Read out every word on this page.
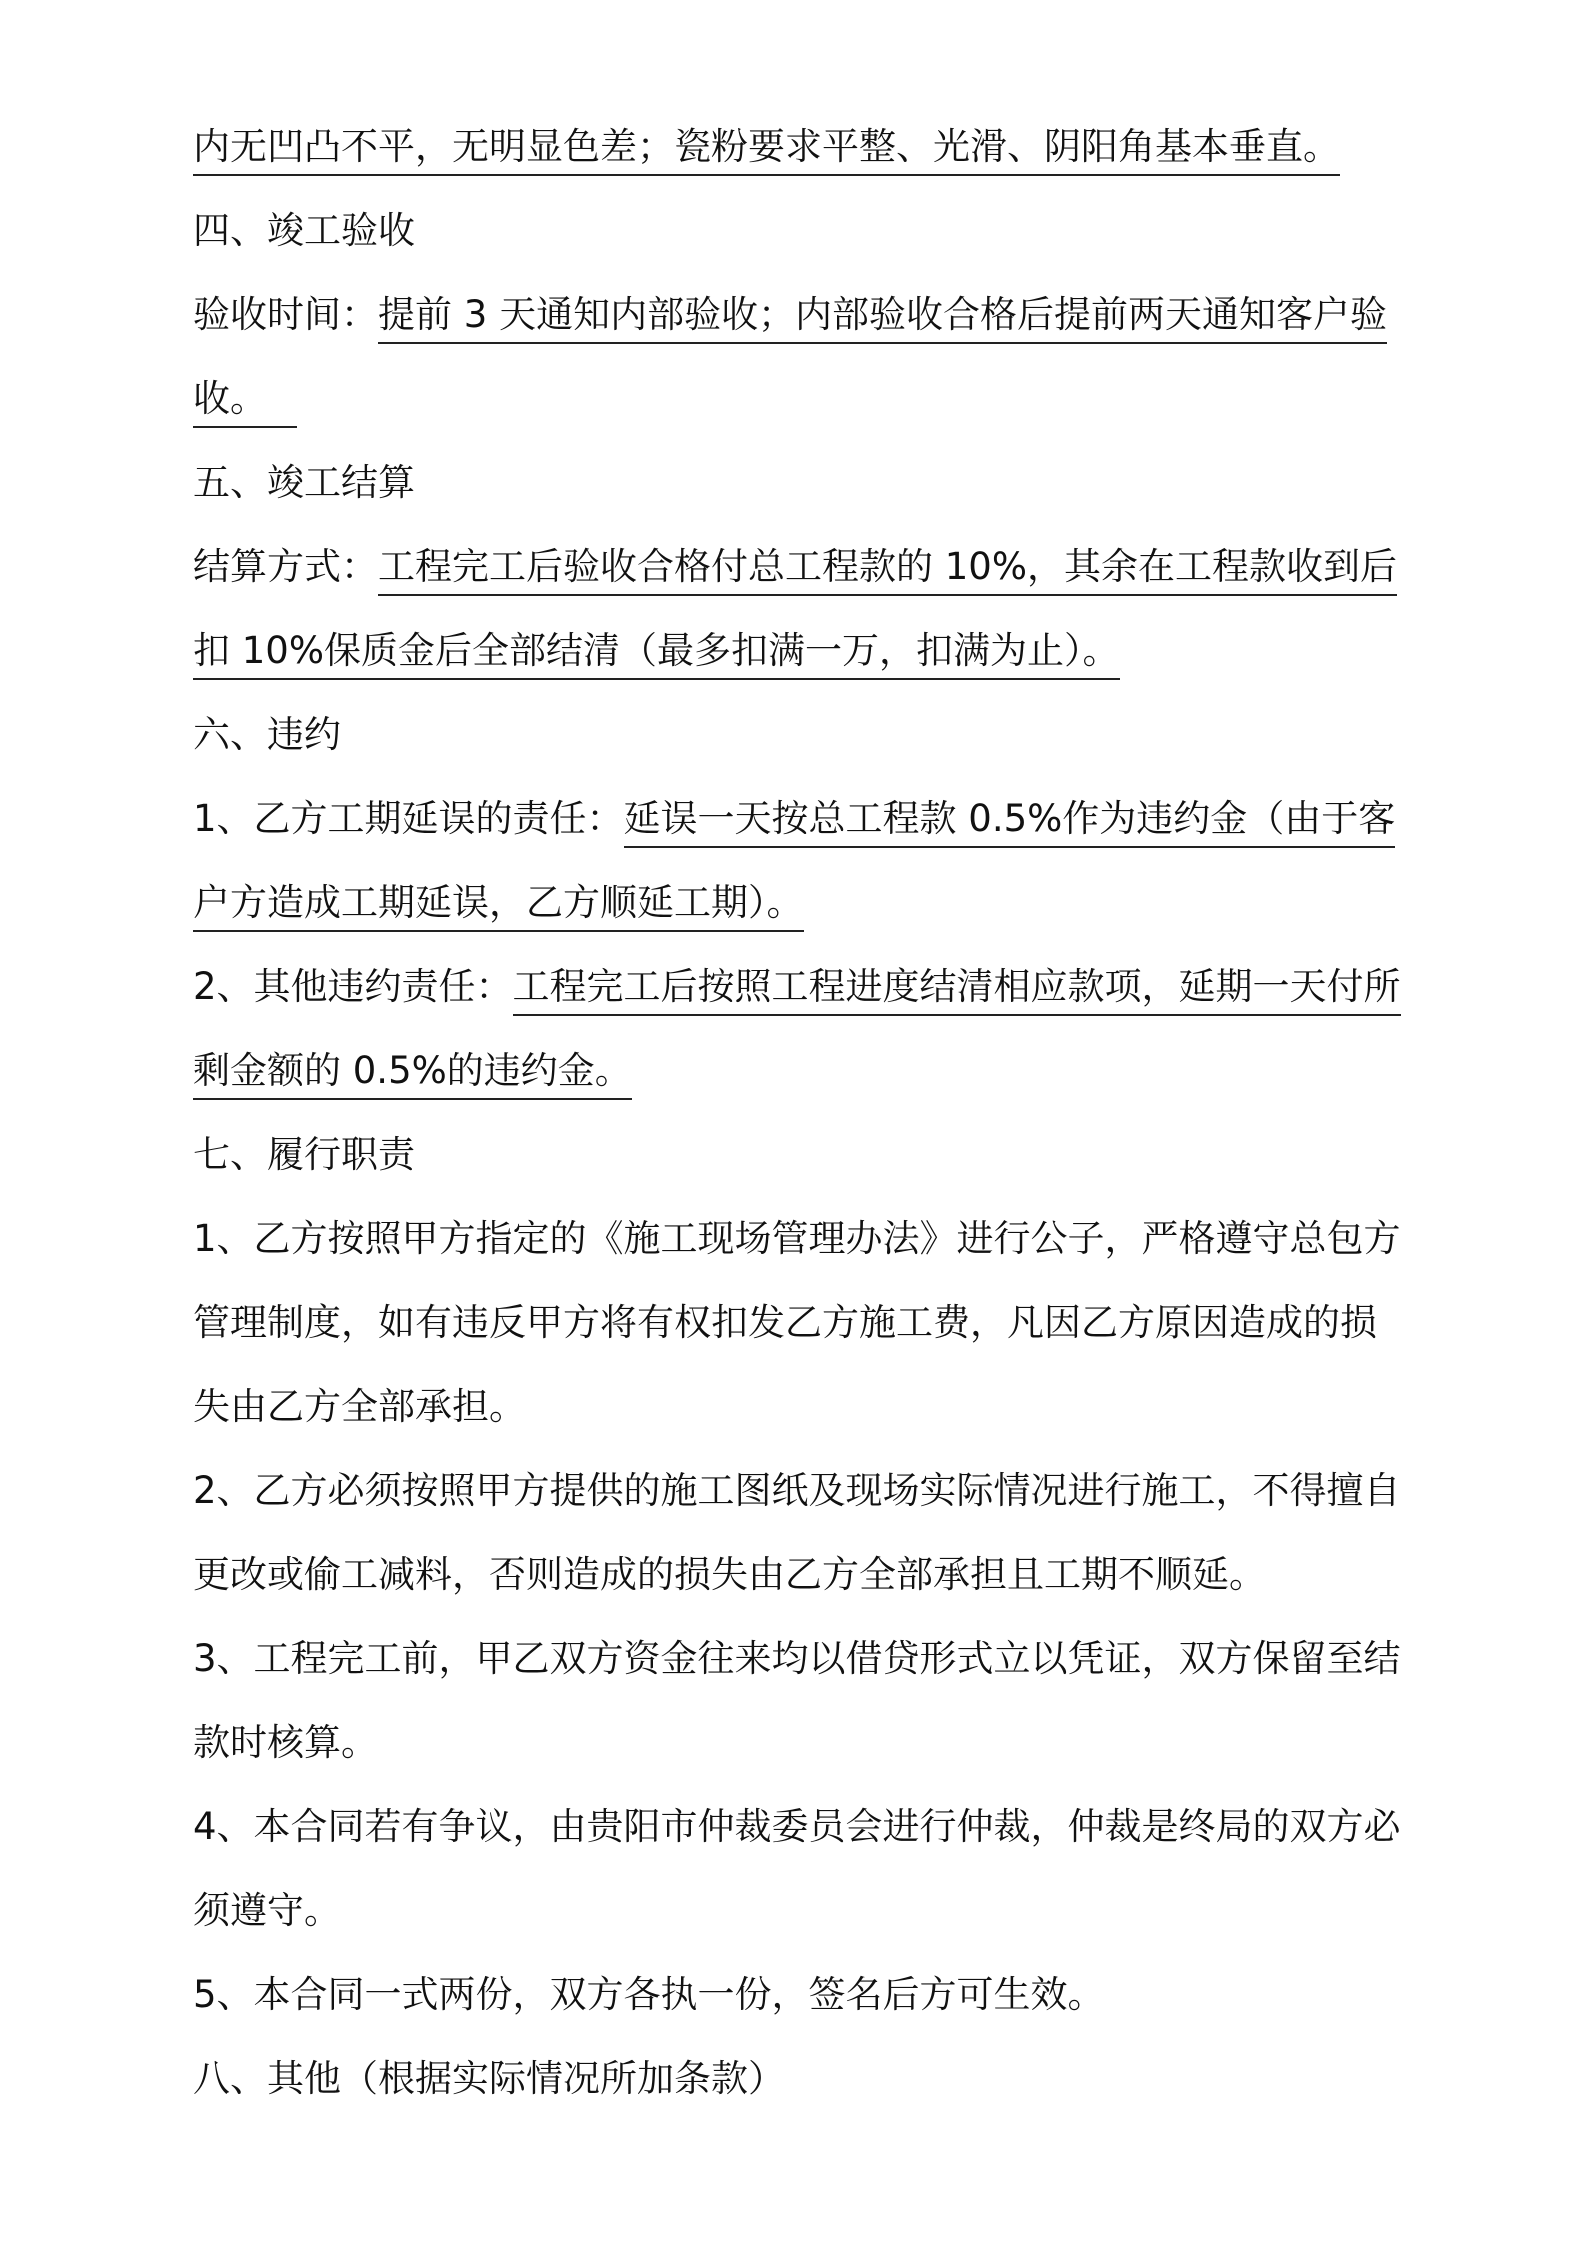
内无凹凸不平，无明显色差；瓷粉要求平整、光滑、阴阳角基本垂直。

四、竣工验收

验收时间：提前 3 天通知内部验收；内部验收合格后提前两天通知客户验

收。

五、竣工结算

结算方式：工程完工后验收合格付总工程款的 10%，其余在工程款收到后

扣 10%保质金后全部结清（最多扣满一万，扣满为止）。

六、违约

1、乙方工期延误的责任：延误一天按总工程款 0.5%作为违约金（由于客

户方造成工期延误，乙方顺延工期）。

2、其他违约责任：工程完工后按照工程进度结清相应款项，延期一天付所

剩金额的 0.5%的违约金。

七、履行职责

1、乙方按照甲方指定的《施工现场管理办法》进行公子，严格遵守总包方

管理制度，如有违反甲方将有权扣发乙方施工费，凡因乙方原因造成的损

失由乙方全部承担。

2、乙方必须按照甲方提供的施工图纸及现场实际情况进行施工，不得擅自

更改或偷工减料，否则造成的损失由乙方全部承担且工期不顺延。

3、工程完工前，甲乙双方资金往来均以借贷形式立以凭证，双方保留至结

款时核算。

4、本合同若有争议，由贵阳市仲裁委员会进行仲裁，仲裁是终局的双方必

须遵守。

5、本合同一式两份，双方各执一份，签名后方可生效。

八、其他（根据实际情况所加条款）
